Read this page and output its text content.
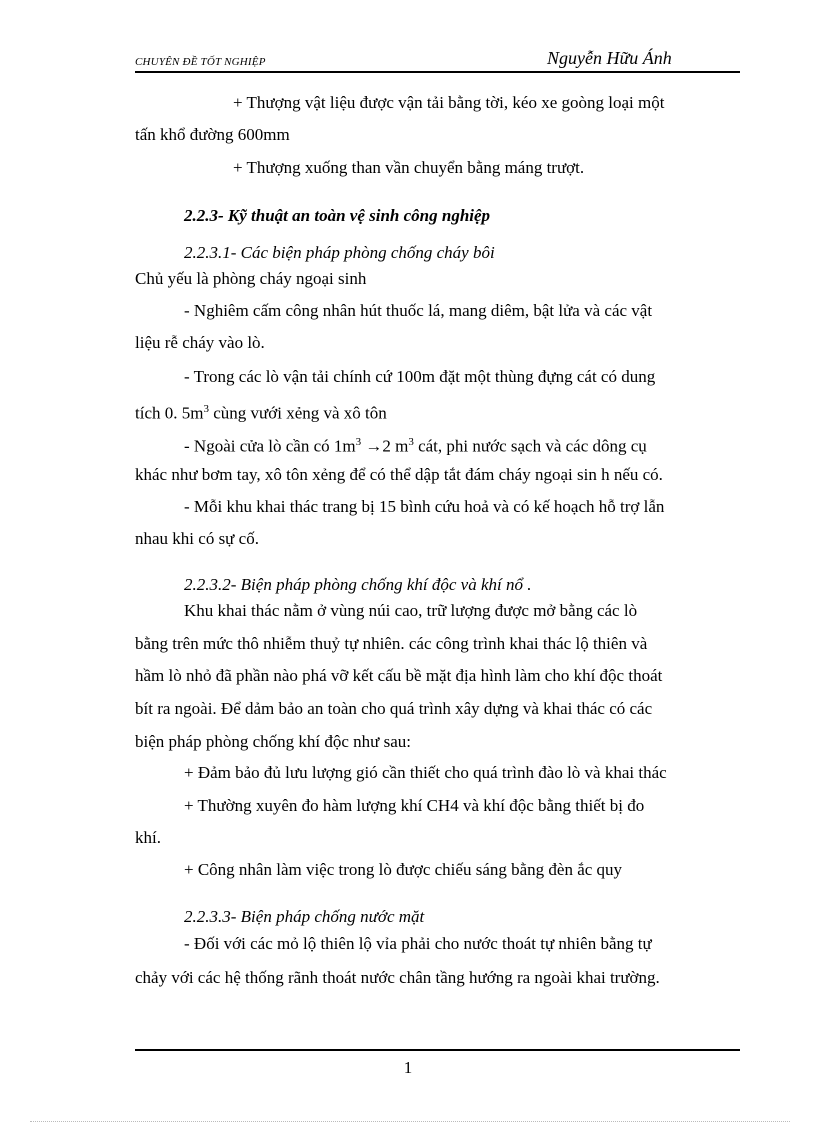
CHUYÊN ĐỀ TỐT NGHIỆP	Nguyễn Hữu Ánh
+ Thượng vật liệu được vận tải bằng tời, kéo xe goòng loại một
tấn khổ đường 600mm
+ Thượng xuống than vần chuyển bằng máng trượt.
2.2.3- Kỹ thuật an toàn vệ sinh công nghiệp
2.2.3.1- Các biện pháp phòng chống cháy bôi
Chủ yếu là phòng cháy ngoại sinh
- Nghiêm cấm công nhân hút thuốc lá, mang diêm, bật lửa và các vật
liệu rễ cháy vào lò.
- Trong các lò vận tải chính cứ 100m đặt một thùng đựng cát có dung
tích 0. $5m^3$ cùng vưới xẻng và xô tôn
- Ngoài cửa lò cần có $1m^3 \to 2$ $m^3$ cát, phi nước sạch và các dông cụ
khác như bơm tay, xô tôn xẻng để có thể dập tắt đám cháy ngoại sin h nếu có.
- Mỗi khu khai thác trang bị 15 bình cứu hoả và có kế hoạch hỗ trợ lẫn
nhau khi có sự cố.
2.2.3.2- Biện pháp phòng chống khí độc và khí nổ .
Khu khai thác nằm ở vùng núi cao, trữ lượng được mở bằng các lò
bằng trên mức thô nhiễm thuỷ tự nhiên. các công trình khai thác lộ thiên và
hầm lò nhỏ đã phần nào phá vỡ kết cấu bề mặt địa hình làm cho khí độc thoát
bít ra ngoài. Để dảm bảo an toàn cho quá trình xây dựng và khai thác có các
biện pháp phòng chống khí độc như sau:
+ Đảm bảo đủ lưu lượng gió cần thiết cho quá trình đào lò và khai thác
+ Thường xuyên đo hàm lượng khí CH4 và khí độc bằng thiết bị đo
khí.
+ Công nhân làm việc trong lò được chiếu sáng bằng đèn ắc quy
2.2.3.3- Biện pháp chống nước mặt
- Đối với các mỏ lộ thiên lộ vỉa phải cho nước thoát tự nhiên bằng tự
chảy với các hệ thống rãnh thoát nước chân tầng hướng ra ngoài khai trường.
1
